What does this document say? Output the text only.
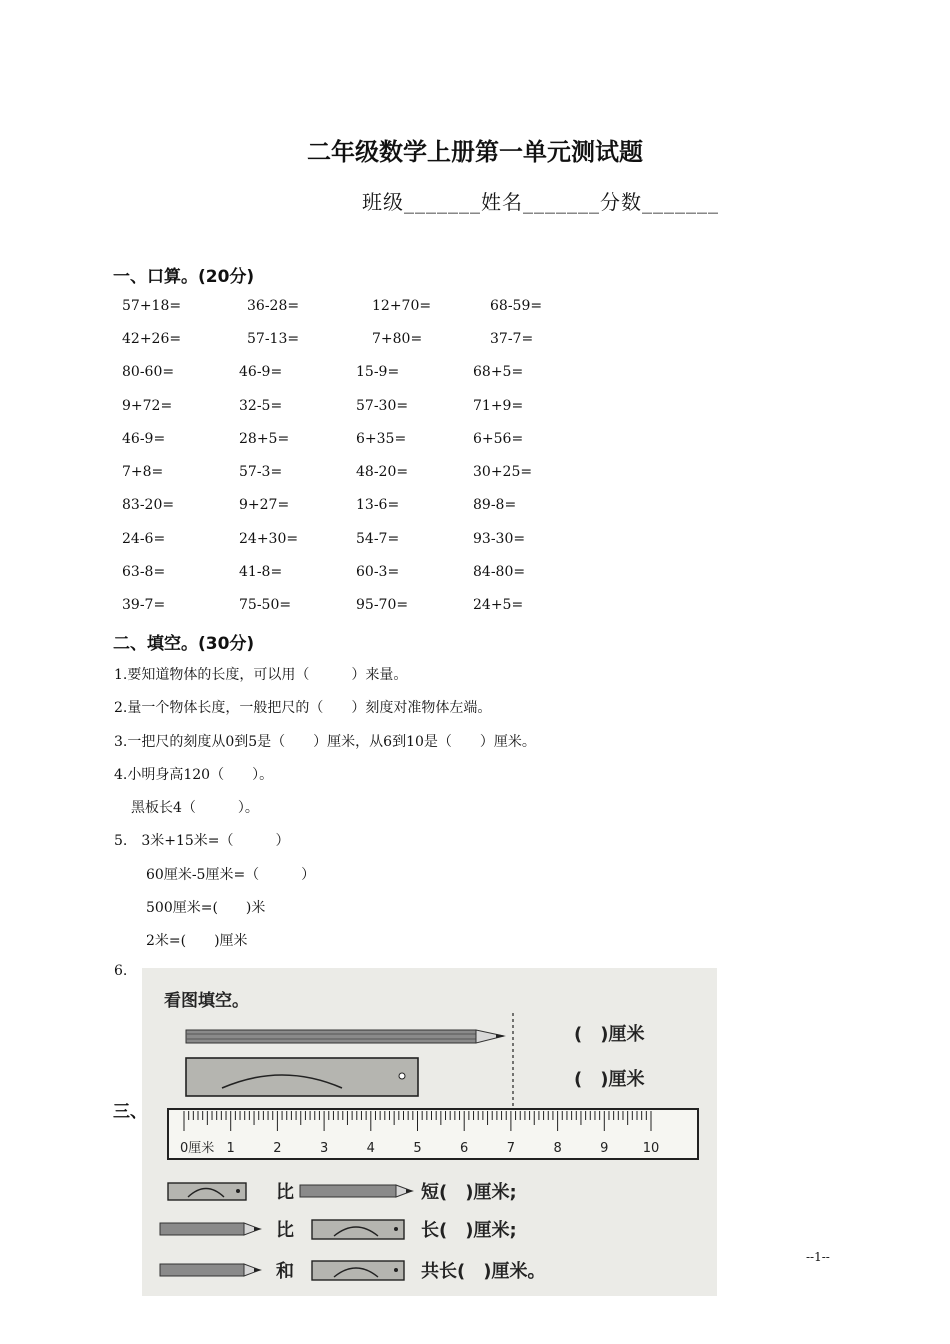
二年级数学上册第一单元测试题
班级_______姓名_______分数_______
一、口算。(20分)
57+18=	36-28=	12+70=	68-59=
42+26=	57-13=	7+80=	37-7=
80-60=	46-9=	15-9=	68+5=
9+72=	32-5=	57-30=	71+9=
46-9=	28+5=	6+35=	6+56=
7+8=	57-3=	48-20=	30+25=
83-20=	9+27=	13-6=	89-8=
24-6=	24+30=	54-7=	93-30=
63-8=	41-8=	60-3=	84-80=
39-7=	75-50=	95-70=	24+5=
二、填空。(30分)
1.要知道物体的长度，可以用（　　　）来量。
2.量一个物体长度，一般把尺的（　　）刻度对准物体左端。
3.一把尺的刻度从0到5是（　　）厘米，从6到10是（　　）厘米。
4.小明身高120（　　）。
黑板长4（　　　）。
5.　3米+15米=（　　　）
60厘米-5厘米=（　　　）
500厘米=(　　)米
2米=(　　)厘米
6.
看图填空。
(　)厘米
(　)厘米
0厘米 1	2	3	4	5	6	7	8	9	10
比	短(　)厘米;
比	长(　)厘米;
和	共长(　)厘米。
三、
--1--
